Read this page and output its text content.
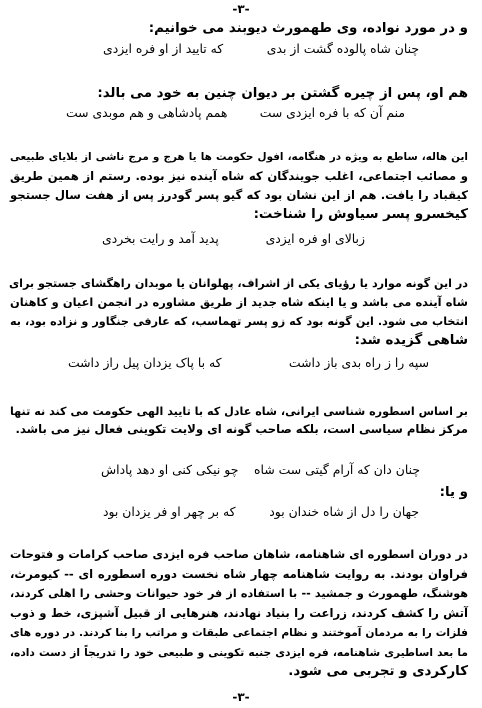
-۳-
و در مورد نواده، وی طهمورث دیوبند می خوانیم:
چنان شاه پالوده گشت از بدی
که تایید از او فره ایزدی
هم او، پس از چیره گشتن بر دیوان چنین به خود می بالد:
منم آن که با فره ایزدی ست
همم پادشاهی و هم موبدی ست
این هاله، ساطع به ویژه در هنگامه، افول حکومت ها یا هرج و مرج ناشی از بلایای طبیعی
و مصائب اجتماعی، اغلب جویندگان که شاه آینده نیز بوده. رستم از همین طریق
کیقباد را یافت. هم از این نشان بود که گیو پسر گودرز پس از هفت سال جستجو
کیخسرو پسر سیاوش را شناخت:
زبالای او فره ایزدی
پدید آمد و رایت بخردی
در این گونه موارد یا رؤیای یکی از اشراف، پهلوانان یا موبدان راهگشای جستجو برای
شاه آینده می باشد و یا اینکه شاه جدید از طریق مشاوره در انجمن اعیان و کاهنان
انتخاب می شود. این گونه بود که زو پسر تهماسب، که عارفی جنگاور و نزاده بود، به
شاهی گزیده شد:
سپه را ز راه بدی باز داشت
که با پاک یزدان پیل راز داشت
بر اساس اسطوره شناسی ایرانی، شاه عادل که با تایید الهی حکومت می کند نه تنها
مرکز نظام سیاسی است، بلکه صاحب گونه ای ولایت تکوینی فعال نیز می باشد.
چنان دان که آرام گیتی ست شاه
چو نیکی کنی او دهد پاداش
و یا:
جهان را دل از شاه خندان بود
که بر چهر او فر یزدان بود
در دوران اسطوره ای شاهنامه، شاهان صاحب فره ایزدی صاحب کرامات و فتوحات
فراوان بودند. به روایت شاهنامه چهار شاه نخست دوره اسطوره ای -- کیومرث،
هوشنگ، طهمورث و جمشید -- با استفاده از فر خود حیوانات وحشی را اهلی کردند،
آتش را کشف کردند، زراعت را بنیاد نهادند، هنرهایی از قبیل آشپزی، خط و ذوب
فلزات را به مردمان آموختند و نظام اجتماعی طبقات و مراتب را بنا کردند. در دوره های
ما بعد اساطیری شاهنامه، فره ایزدی جنبه تکوینی و طبیعی خود را تدریجاً از دست داده،
کارکردی و تجربی می شود.
-۳-
